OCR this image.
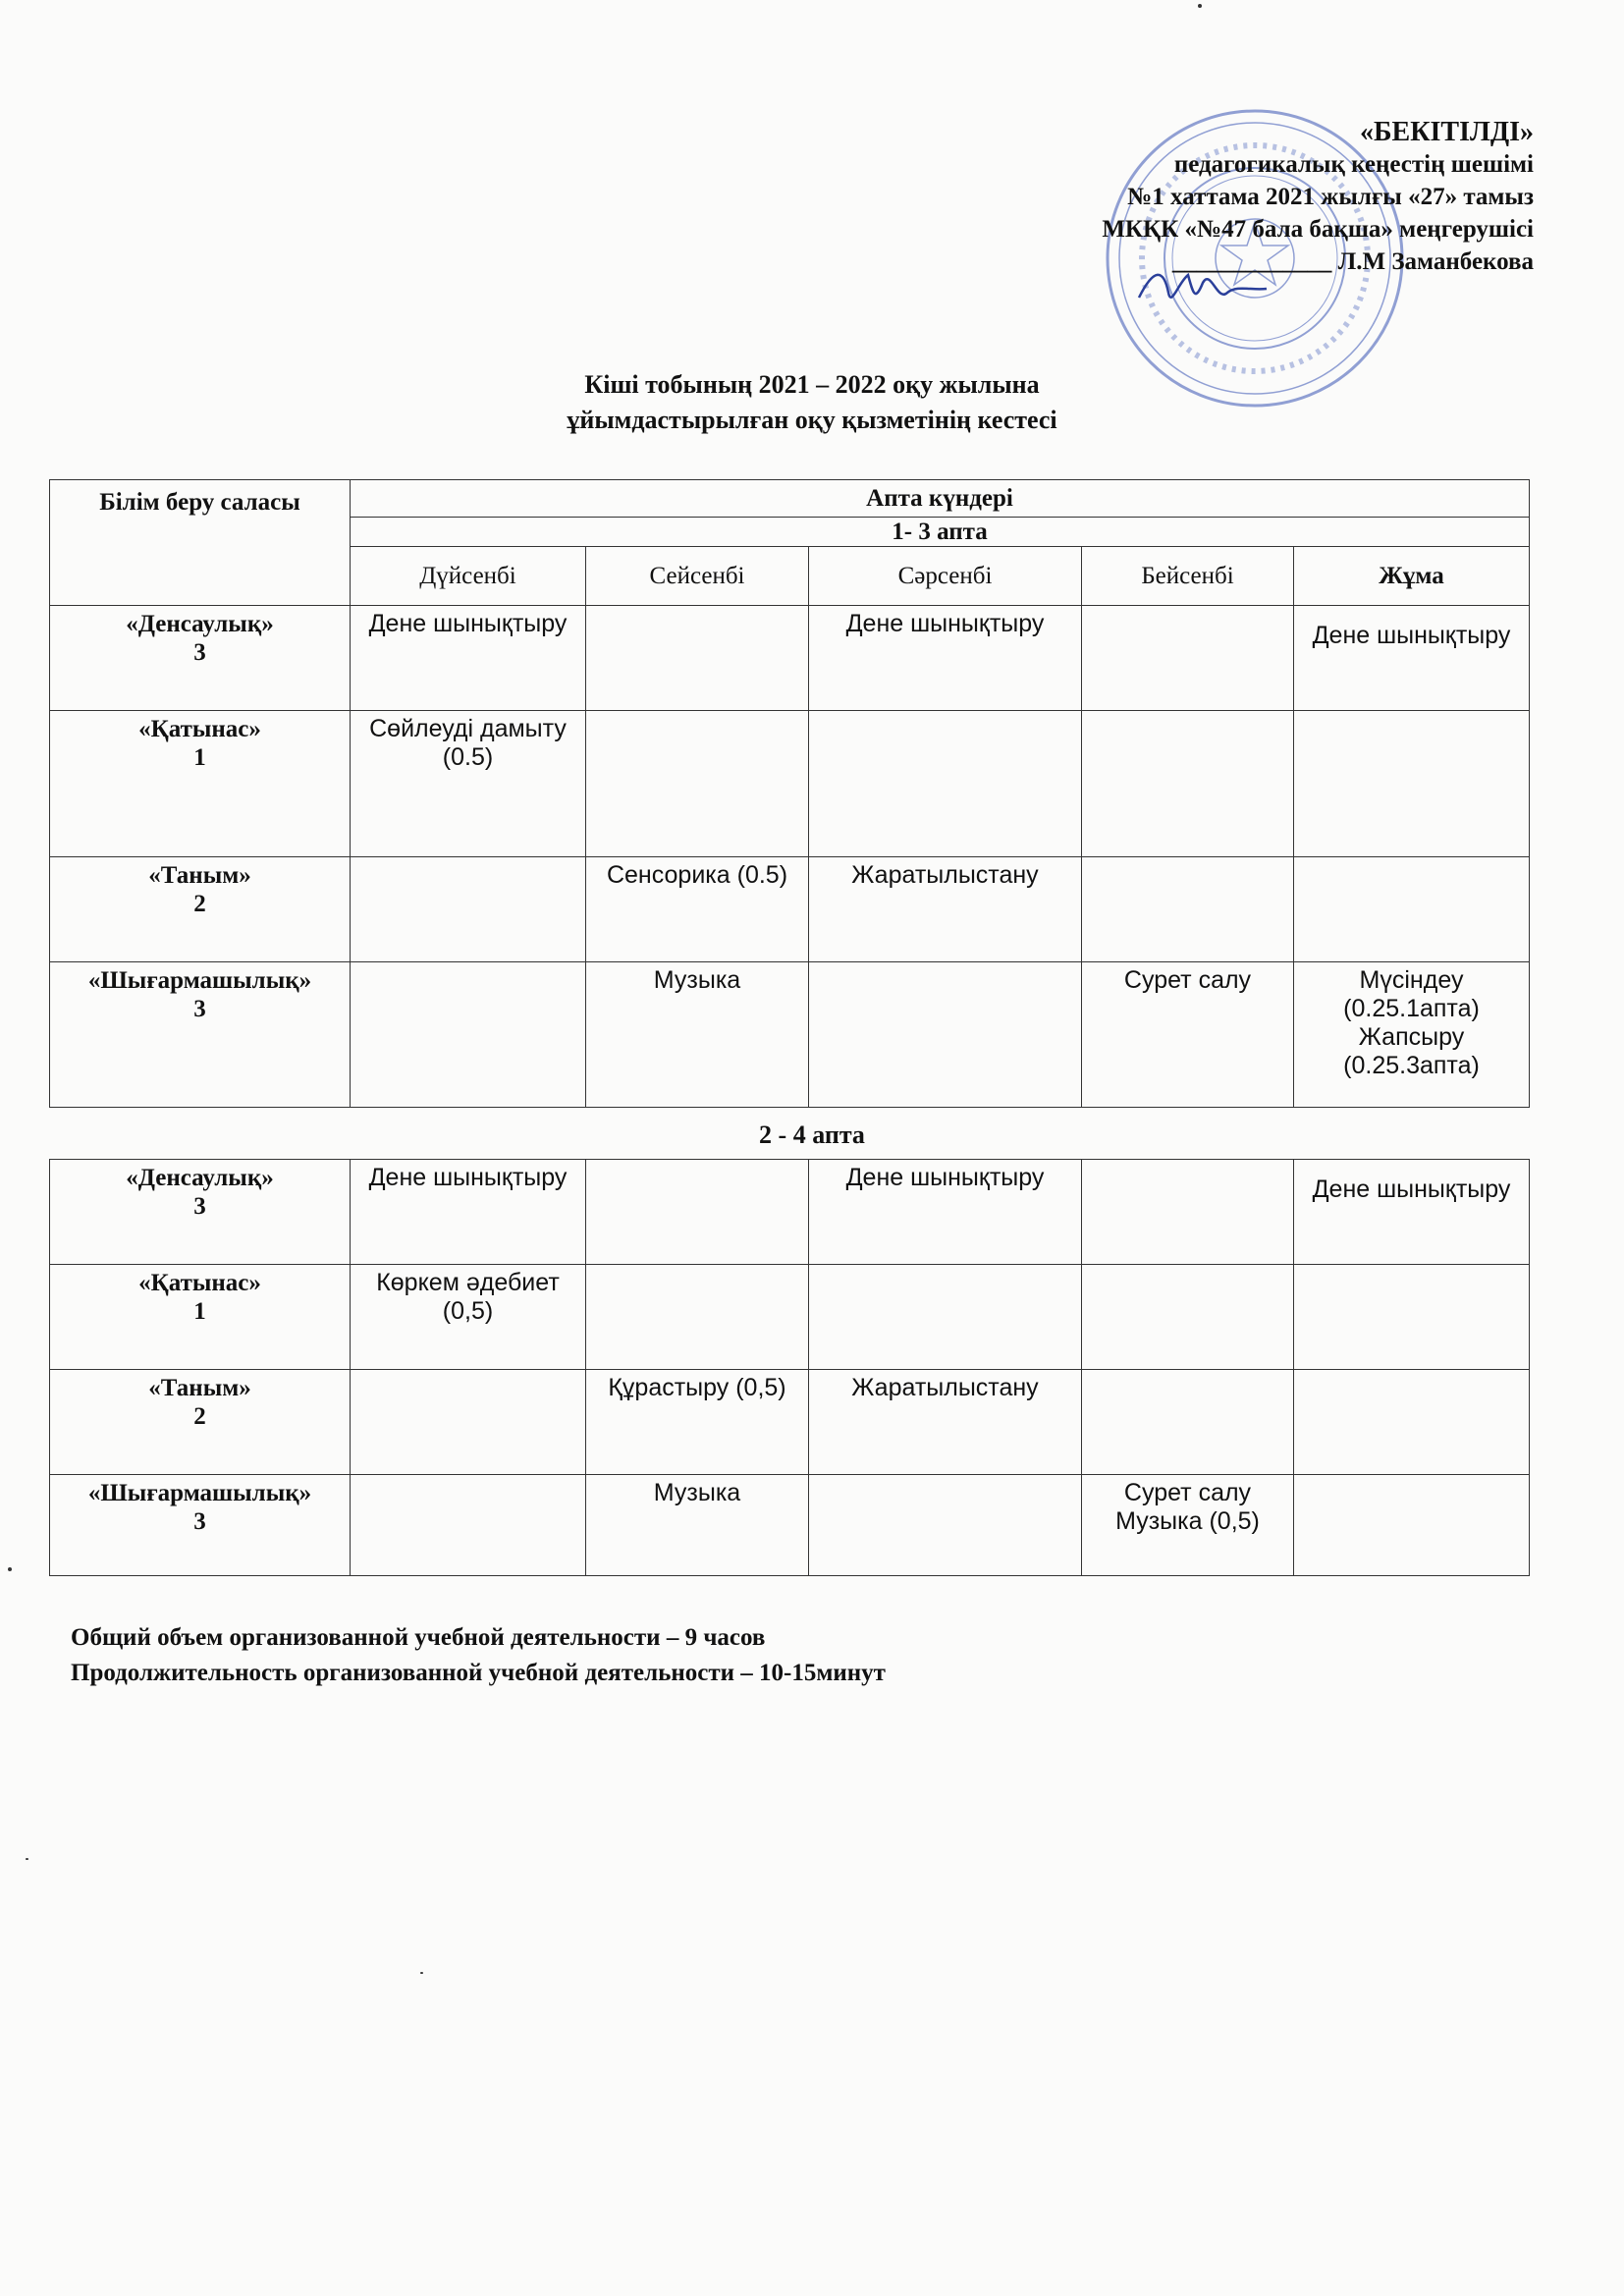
«БЕКІТІЛДІ»
педагогикалық кеңестің шешімі
№1 хаттама 2021 жылғы «27» тамыз
МКҚК «№47 бала бақша» меңгерушісі
_____________ Л.М Заманбекова
Кіші тобының 2021 – 2022 оқу жылына
ұйымдастырылған оқу қызметінің кестесі
Білім беру саласы	Апта күндері				
	1- 3 апта				
	Дүйсенбі	Сейсенбі	Сәрсенбі	Бейсенбі	Жұма

«Денсаулық»
3	Дене шынықтыру		Дене шынықтыру		Дене шынықтыру

«Қатынас»
1	Сөйлеуді дамыту (0.5)				

«Таным»
2		Сенсорика (0.5)	Жаратылыстану		

«Шығармашылық»
3		Музыка		Сурет салу	Мүсіндеу (0.25.1апта) Жапсыру (0.25.3апта)
2 - 4 апта
«Денсаулық»
3	Дене шынықтыру		Дене шынықтыру		Дене шынықтыру

«Қатынас»
1	Көркем әдебиет (0,5)				

«Таным»
2		Құрастыру (0,5)	Жаратылыстану		

«Шығармашылық»
3		Музыка		Сурет салу Музыка (0,5)	
Общий объем организованной учебной деятельности – 9 часов
Продолжительность организованной учебной деятельности – 10-15минут
